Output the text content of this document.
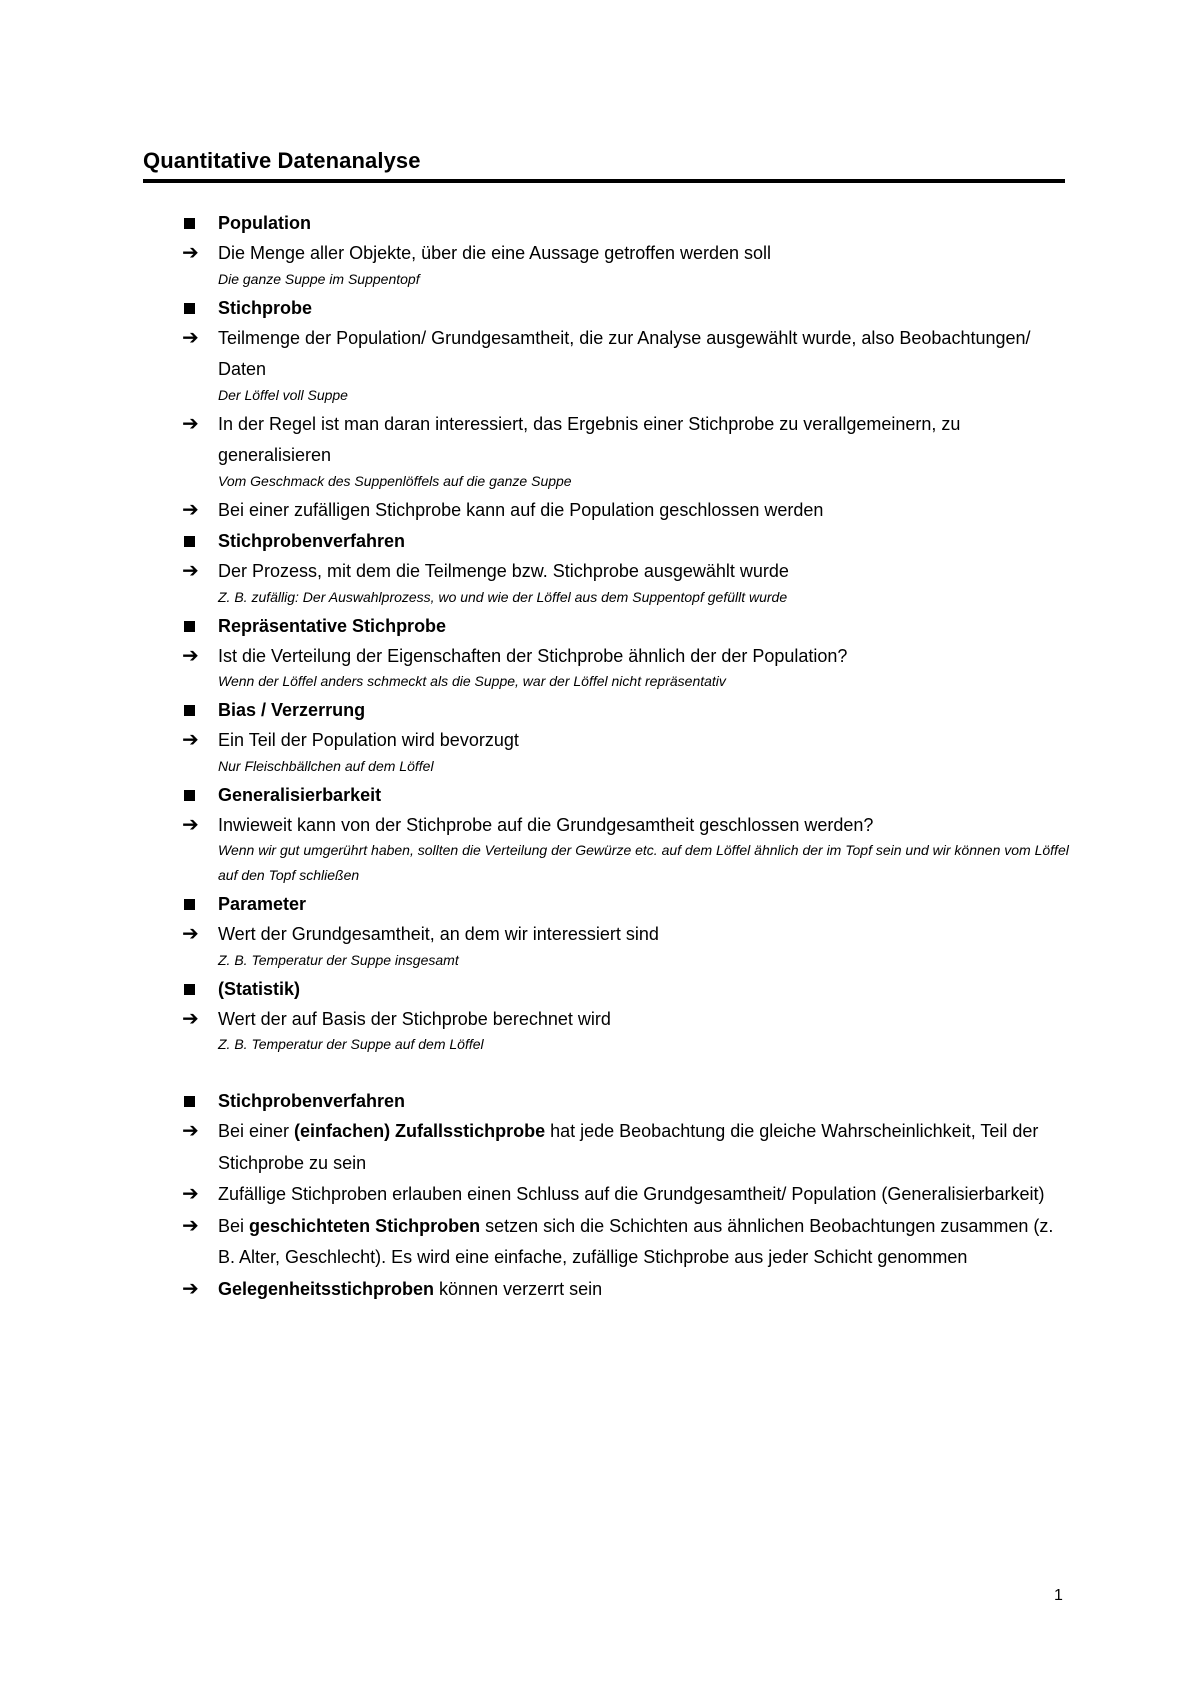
Quantitative Datenanalyse
Population
➔	Die Menge aller Objekte, über die eine Aussage getroffen werden soll
Die ganze Suppe im Suppentopf
Stichprobe
➔	Teilmenge der Population/ Grundgesamtheit, die zur Analyse ausgewählt wurde, also Beobachtungen/ Daten
Der Löffel voll Suppe
➔	In der Regel ist man daran interessiert, das Ergebnis einer Stichprobe zu verallgemeinern, zu generalisieren
Vom Geschmack des Suppenlöffels auf die ganze Suppe
➔	Bei einer zufälligen Stichprobe kann auf die Population geschlossen werden
Stichprobenverfahren
➔	Der Prozess, mit dem die Teilmenge bzw. Stichprobe ausgewählt wurde
Z. B. zufällig: Der Auswahlprozess, wo und wie der Löffel aus dem Suppentopf gefüllt wurde
Repräsentative Stichprobe
➔	Ist die Verteilung der Eigenschaften der Stichprobe ähnlich der der Population?
Wenn der Löffel anders schmeckt als die Suppe, war der Löffel nicht repräsentativ
Bias / Verzerrung
➔	Ein Teil der Population wird bevorzugt
Nur Fleischbällchen auf dem Löffel
Generalisierbarkeit
➔	Inwieweit kann von der Stichprobe auf die Grundgesamtheit geschlossen werden?
Wenn wir gut umgerührt haben, sollten die Verteilung der Gewürze etc. auf dem Löffel ähnlich der im Topf sein und wir können vom Löffel auf den Topf schließen
Parameter
➔	Wert der Grundgesamtheit, an dem wir interessiert sind
Z. B. Temperatur der Suppe insgesamt
(Statistik)
➔	Wert der auf Basis der Stichprobe berechnet wird
Z. B. Temperatur der Suppe auf dem Löffel
Stichprobenverfahren
➔	Bei einer (einfachen) Zufallsstichprobe hat jede Beobachtung die gleiche Wahrscheinlichkeit, Teil der Stichprobe zu sein
➔	Zufällige Stichproben erlauben einen Schluss auf die Grundgesamtheit/ Population (Generalisierbarkeit)
➔	Bei geschichteten Stichproben setzen sich die Schichten aus ähnlichen Beobachtungen zusammen (z. B. Alter, Geschlecht). Es wird eine einfache, zufällige Stichprobe aus jeder Schicht genommen
➔	Gelegenheitsstichproben können verzerrt sein
1
